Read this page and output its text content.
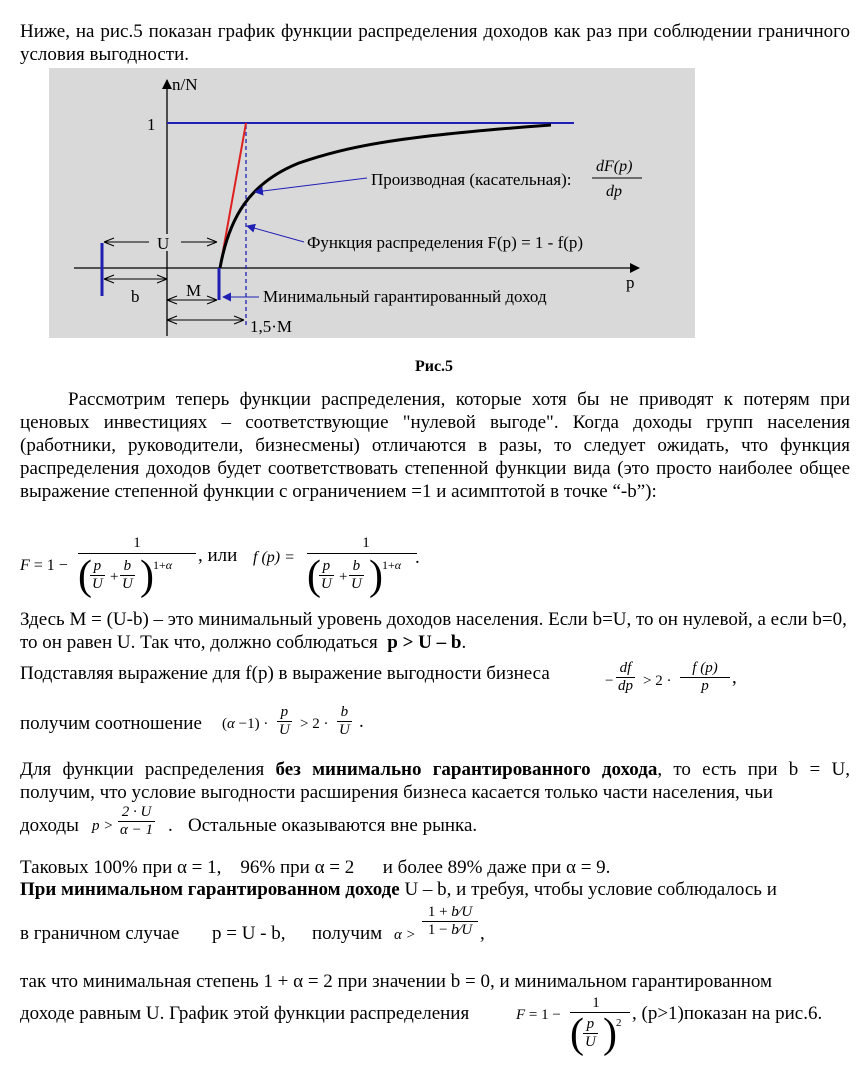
Ниже, на рис.5 показан график функции распределения доходов как раз при соблюдении граничного условия выгодности.
n/N
p
1
U
b	M
1,5·M
Производная (касательная):
dF(p)
dp
Функция распределения F(p) = 1 - f(p)
Минимальный гарантированный доход
Рис.5
Рассмотрим теперь функции распределения, которые хотя бы не приводят к потерям при ценовых инвестициях – соответствующие "нулевой выгоде". Когда доходы групп населения (работники, руководители, бизнесмены) отличаются в разы, то следует ожидать, что функция распределения доходов будет соответствовать степенной функции вида (это просто наиболее общее выражение степенной функции с ограничением =1 и асимптотой в точке “-b”):
F = 1 −
1
( p
U +
b
U ) 1+α , или f (p) =
1
( p
U +
b
U ) 1+α .
Здесь M = (U-b) – это минимальный уровень доходов населения. Если b=U, то он нулевой, а если b=0, то он равен U. Так что, должно соблюдаться p > U – b.
Подставляя выражение для f(p) в выражение выгодности бизнеса	−
df
dp > 2 ·
f (p)
p	,
получим соотношение (α −1) ·
p
U > 2 ·
b
U .
Для функции распределения без минимально гарантированного дохода, то есть при b = U, получим, что условие выгодности расширения бизнеса касается только части населения, чьи
доходы p >
2 · U
α − 1 . Остальные оказываются вне рынка.
Таковых 100% при α = 1,    96% при α = 2      и более 89% даже при α = 9.
При минимальном гарантированном доходе U – b, и требуя, чтобы условие соблюдалось и
в граничном случае p = U - b, получим α >
1 + b⁄U
1 − b⁄U ,
так что минимальная степень 1 + α = 2 при значении b = 0, и минимальном гарантированном
доходе равным U. График этой функции распределения	F = 1 −
1
( p
U ) 2 , (p>1)показан на рис.6.
